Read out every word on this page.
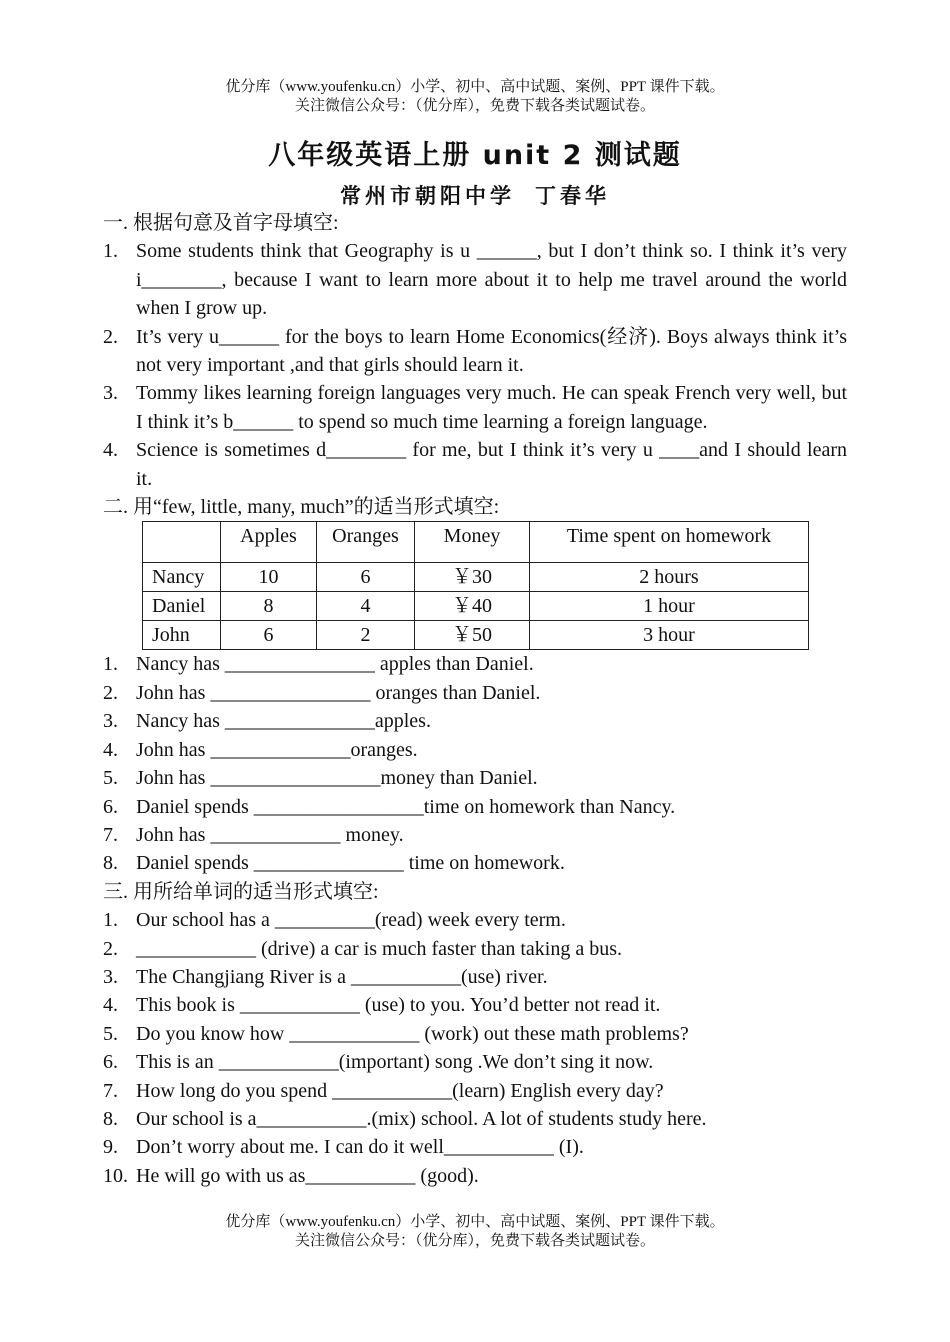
优分库（www.youfenku.cn）小学、初中、高中试题、案例、PPT 课件下载。
关注微信公众号：（优分库），免费下载各类试题试卷。
八年级英语上册 unit 2 测试题
常州市朝阳中学 丁春华
一. 根据句意及首字母填空:
1. Some students think that Geography is u ______, but I don’t think so. I think it’s very i________, because I want to learn more about it to help me travel around the world when I grow up.
2. It’s very u______ for the boys to learn Home Economics(经济). Boys always think it’s not very important ,and that girls should learn it.
3. Tommy likes learning foreign languages very much. He can speak French very well, but I think it’s b______ to spend so much time learning a foreign language.
4. Science is sometimes d________ for me, but I think it’s very u ____and I should learn it.
二. 用“few, little, many, much”的适当形式填空:
	Apples	Oranges	Money	Time spent on homework
Nancy	10	6	￥30	2 hours
Daniel	8	4	￥40	1 hour
John	6	2	￥50	3 hour
1. Nancy has _______________ apples than Daniel.
2. John has ________________ oranges than Daniel.
3. Nancy has _______________apples.
4. John has ______________oranges.
5. John has _________________money than Daniel.
6. Daniel spends _________________time on homework than Nancy.
7. John has _____________ money.
8. Daniel spends _______________ time on homework.
三. 用所给单词的适当形式填空:
1. Our school has a __________(read) week every term.
2. ____________ (drive) a car is much faster than taking a bus.
3. The Changjiang River is a ___________(use) river.
4. This book is ____________ (use) to you. You’d better not read it.
5. Do you know how _____________ (work) out these math problems?
6. This is an ____________(important) song .We don’t sing it now.
7. How long do you spend ____________(learn) English every day?
8. Our school is a___________.(mix) school. A lot of students study here.
9. Don’t worry about me. I can do it well___________ (I).
10. He will go with us as___________ (good).
优分库（www.youfenku.cn）小学、初中、高中试题、案例、PPT 课件下载。
关注微信公众号：（优分库），免费下载各类试题试卷。
